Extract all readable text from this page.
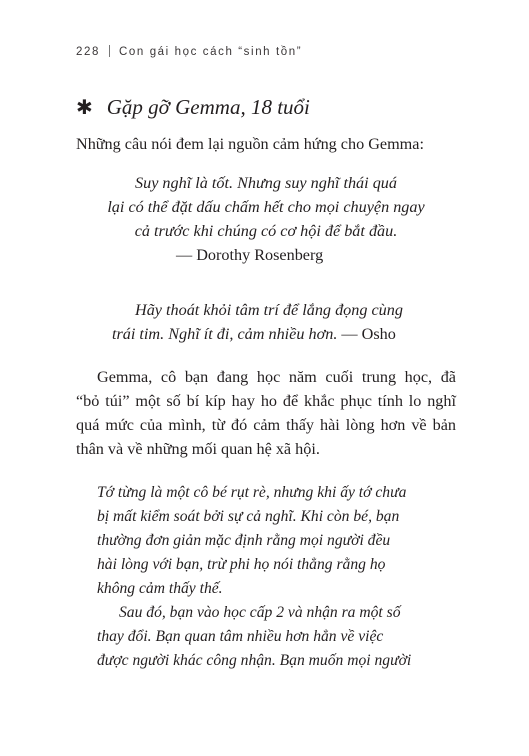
228 Con gái học cách “sinh tồn”
✱ Gặp gỡ Gemma, 18 tuổi
Những câu nói đem lại nguồn cảm hứng cho Gemma:
Suy nghĩ là tốt. Nhưng suy nghĩ thái quá
lại có thể đặt dấu chấm hết cho mọi chuyện ngay
cả trước khi chúng có cơ hội để bắt đầu.
— Dorothy Rosenberg
Hãy thoát khỏi tâm trí để lắng đọng cùng
trái tim. Nghĩ ít đi, cảm nhiều hơn. — Osho
Gemma, cô bạn đang học năm cuối trung học, đã
“bỏ túi” một số bí kíp hay ho để khắc phục tính lo nghĩ
quá mức của mình, từ đó cảm thấy hài lòng hơn về bản
thân và về những mối quan hệ xã hội.
Tớ từng là một cô bé rụt rè, nhưng khi ấy tớ chưa
bị mất kiểm soát bởi sự cả nghĩ. Khi còn bé, bạn
thường đơn giản mặc định rằng mọi người đều
hài lòng với bạn, trừ phi họ nói thẳng rằng họ
không cảm thấy thế.
Sau đó, bạn vào học cấp 2 và nhận ra một số
thay đổi. Bạn quan tâm nhiều hơn hẳn về việc
được người khác công nhận. Bạn muốn mọi người
